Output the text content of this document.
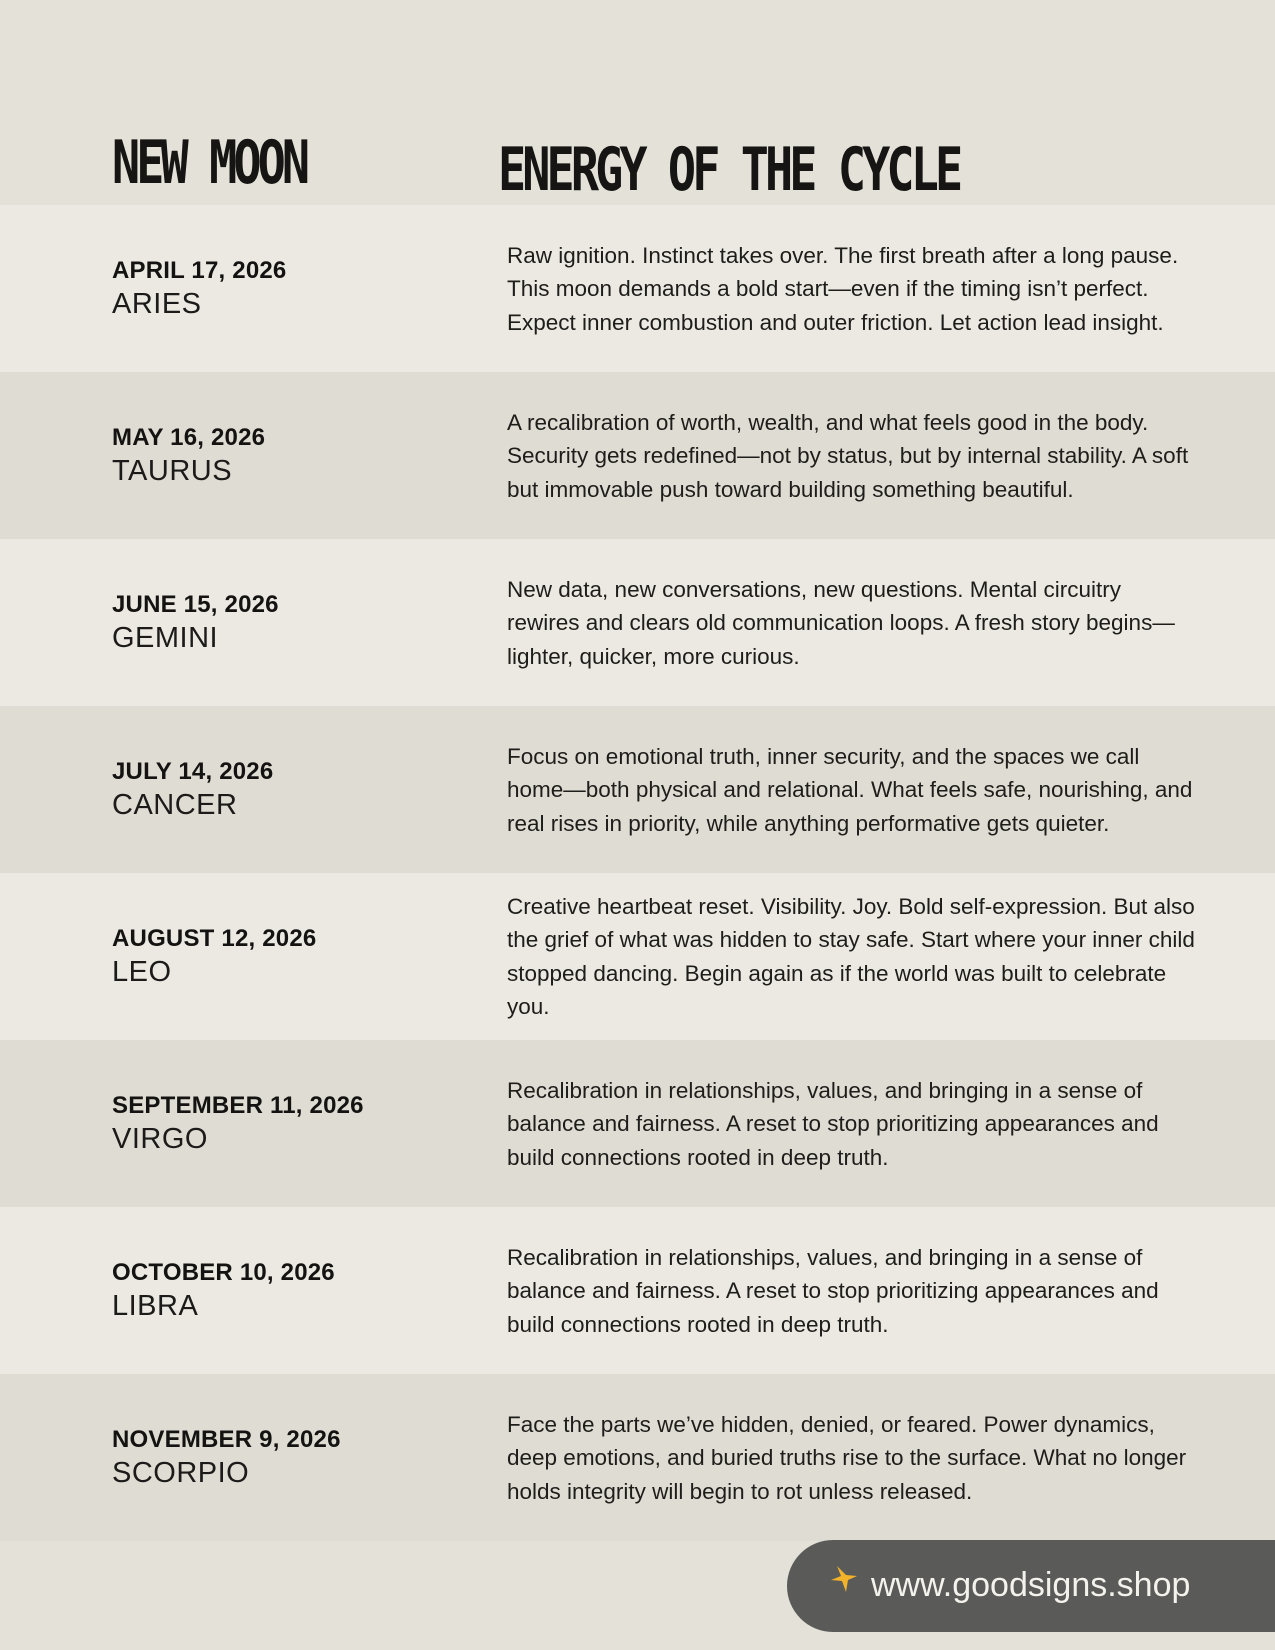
NEW MOON	ENERGY OF THE CYCLE
APRIL 17, 2026
ARIES
Raw ignition. Instinct takes over. The first breath after a long pause. This moon demands a bold start—even if the timing isn’t perfect. Expect inner combustion and outer friction. Let action lead insight.
MAY 16, 2026
TAURUS
A recalibration of worth, wealth, and what feels good in the body. Security gets redefined—not by status, but by internal stability. A soft but immovable push toward building something beautiful.
JUNE 15, 2026
GEMINI
New data, new conversations, new questions. Mental circuitry rewires and clears old communication loops. A fresh story begins—lighter, quicker, more curious.
JULY 14, 2026
CANCER
Focus on emotional truth, inner security, and the spaces we call home—both physical and relational. What feels safe, nourishing, and real rises in priority, while anything performative gets quieter.
AUGUST 12, 2026
LEO
Creative heartbeat reset. Visibility. Joy. Bold self-expression. But also the grief of what was hidden to stay safe. Start where your inner child stopped dancing. Begin again as if the world was built to celebrate you.
SEPTEMBER 11, 2026
VIRGO
Recalibration in relationships, values, and bringing in a sense of balance and fairness. A reset to stop prioritizing appearances and build connections rooted in deep truth.
OCTOBER 10, 2026
LIBRA
Recalibration in relationships, values, and bringing in a sense of balance and fairness. A reset to stop prioritizing appearances and build connections rooted in deep truth.
NOVEMBER 9, 2026
SCORPIO
Face the parts we’ve hidden, denied, or feared. Power dynamics, deep emotions, and buried truths rise to the surface. What no longer holds integrity will begin to rot unless released.
www.goodsigns.shop
